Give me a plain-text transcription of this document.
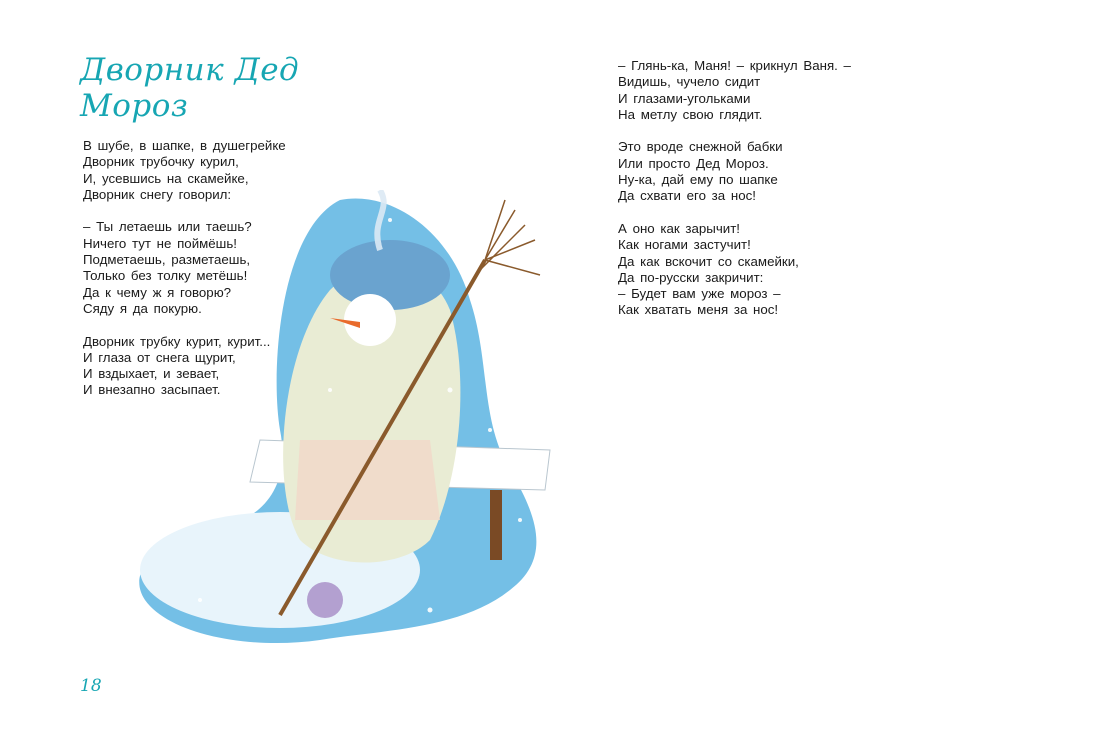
Дворник Дед
Мороз

В шубе, в шапке, в душегрейке
Дворник трубочку курил,
И, усевшись на скамейке,
Дворник снегу говорил:

– Ты летаешь или таешь?
Ничего тут не поймёшь!
Подметаешь, разметаешь,
Только без толку метёшь!
Да к чему ж я говорю?
Сяду я да покурю.

Дворник трубку курит, курит...
И глаза от снега щурит,
И вздыхает, и зевает,
И внезапно засыпает.

18

– Глянь-ка, Маня! – крикнул Ваня. –
Видишь, чучело сидит
И глазами-угольками
На метлу свою глядит.

Это вроде снежной бабки
Или просто Дед Мороз.
Ну-ка, дай ему по шапке
Да схвати его за нос!

А оно как зарычит!
Как ногами застучит!
Да как вскочит со скамейки,
Да по-русски закричит:
– Будет вам уже мороз –
Как хватать меня за нос!
